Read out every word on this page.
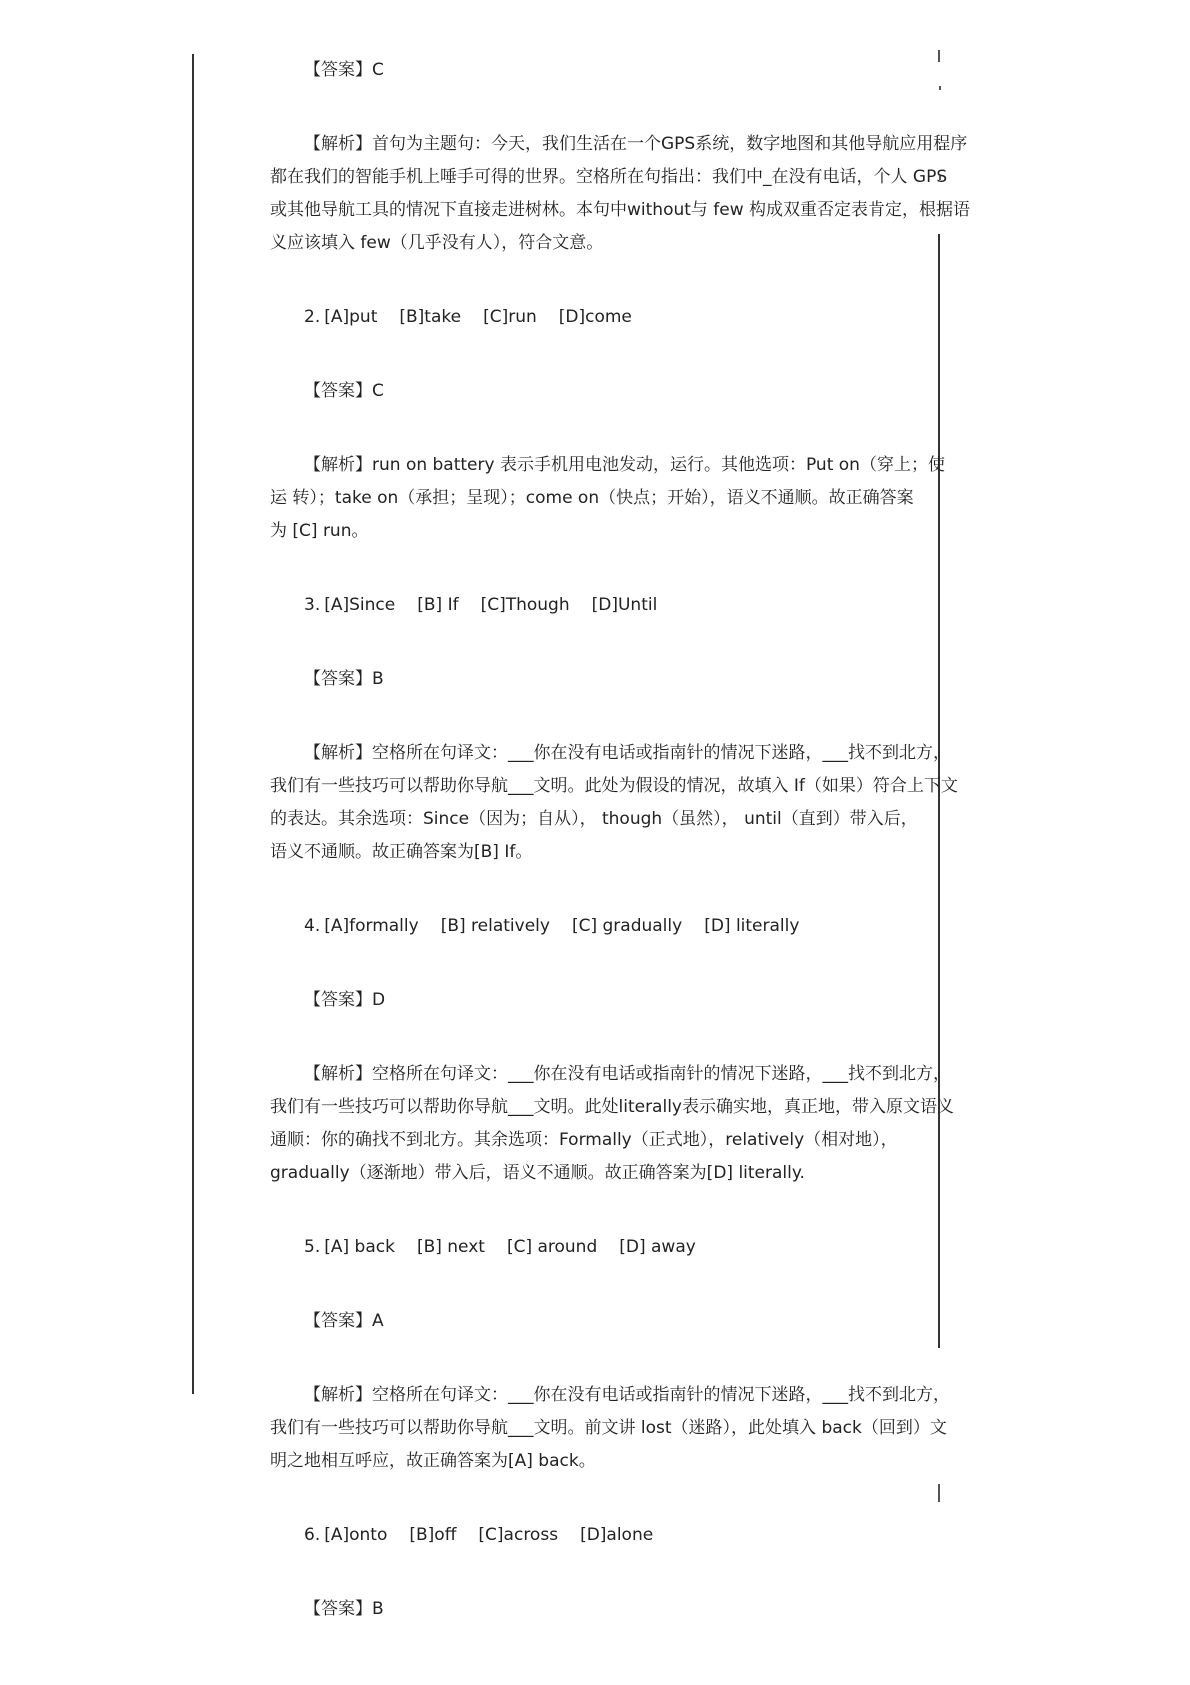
【答案】C

【解析】首句为主题句：今天，我们生活在一个GPS系统，数字地图和其他导航应用程序

都在我们的智能手机上唾手可得的世界。空格所在句指出：我们中_在没有电话，个人 GPS

或其他导航工具的情况下直接走进树林。本句中without与 few 构成双重否定表肯定，根据语

义应该填入 few（几乎没有人），符合文意。

2. [A]put [B]take [C]run [D]come

【答案】C

【解析】run on battery 表示手机用电池发动，运行。其他选项：Put on（穿上；使

运 转）；take on（承担；呈现）；come on（快点；开始），语义不通顺。故正确答案

为 [C] run。

3. [A]Since [B] If [C]Though [D]Until

【答案】B

【解析】空格所在句译文：___你在没有电话或指南针的情况下迷路，___找不到北方，

我们有一些技巧可以帮助你导航___文明。此处为假设的情况，故填入 If（如果）符合上下文

的表达。其余选项：Since（因为；自从）， though（虽然）， until（直到）带入后，

语义不通顺。故正确答案为[B] If。

4. [A]formally [B] relatively [C] gradually [D] literally

【答案】D

【解析】空格所在句译文：___你在没有电话或指南针的情况下迷路，___找不到北方，

我们有一些技巧可以帮助你导航___文明。此处literally表示确实地，真正地，带入原文语义

通顺：你的确找不到北方。其余选项：Formally（正式地），relatively（相对地），

gradually（逐渐地）带入后，语义不通顺。故正确答案为[D] literally.

5. [A] back [B] next [C] around [D] away

【答案】A

【解析】空格所在句译文：___你在没有电话或指南针的情况下迷路，___找不到北方，

我们有一些技巧可以帮助你导航___文明。前文讲 lost（迷路），此处填入 back（回到）文

明之地相互呼应，故正确答案为[A] back。

6. [A]onto [B]off [C]across [D]alone

【答案】B
